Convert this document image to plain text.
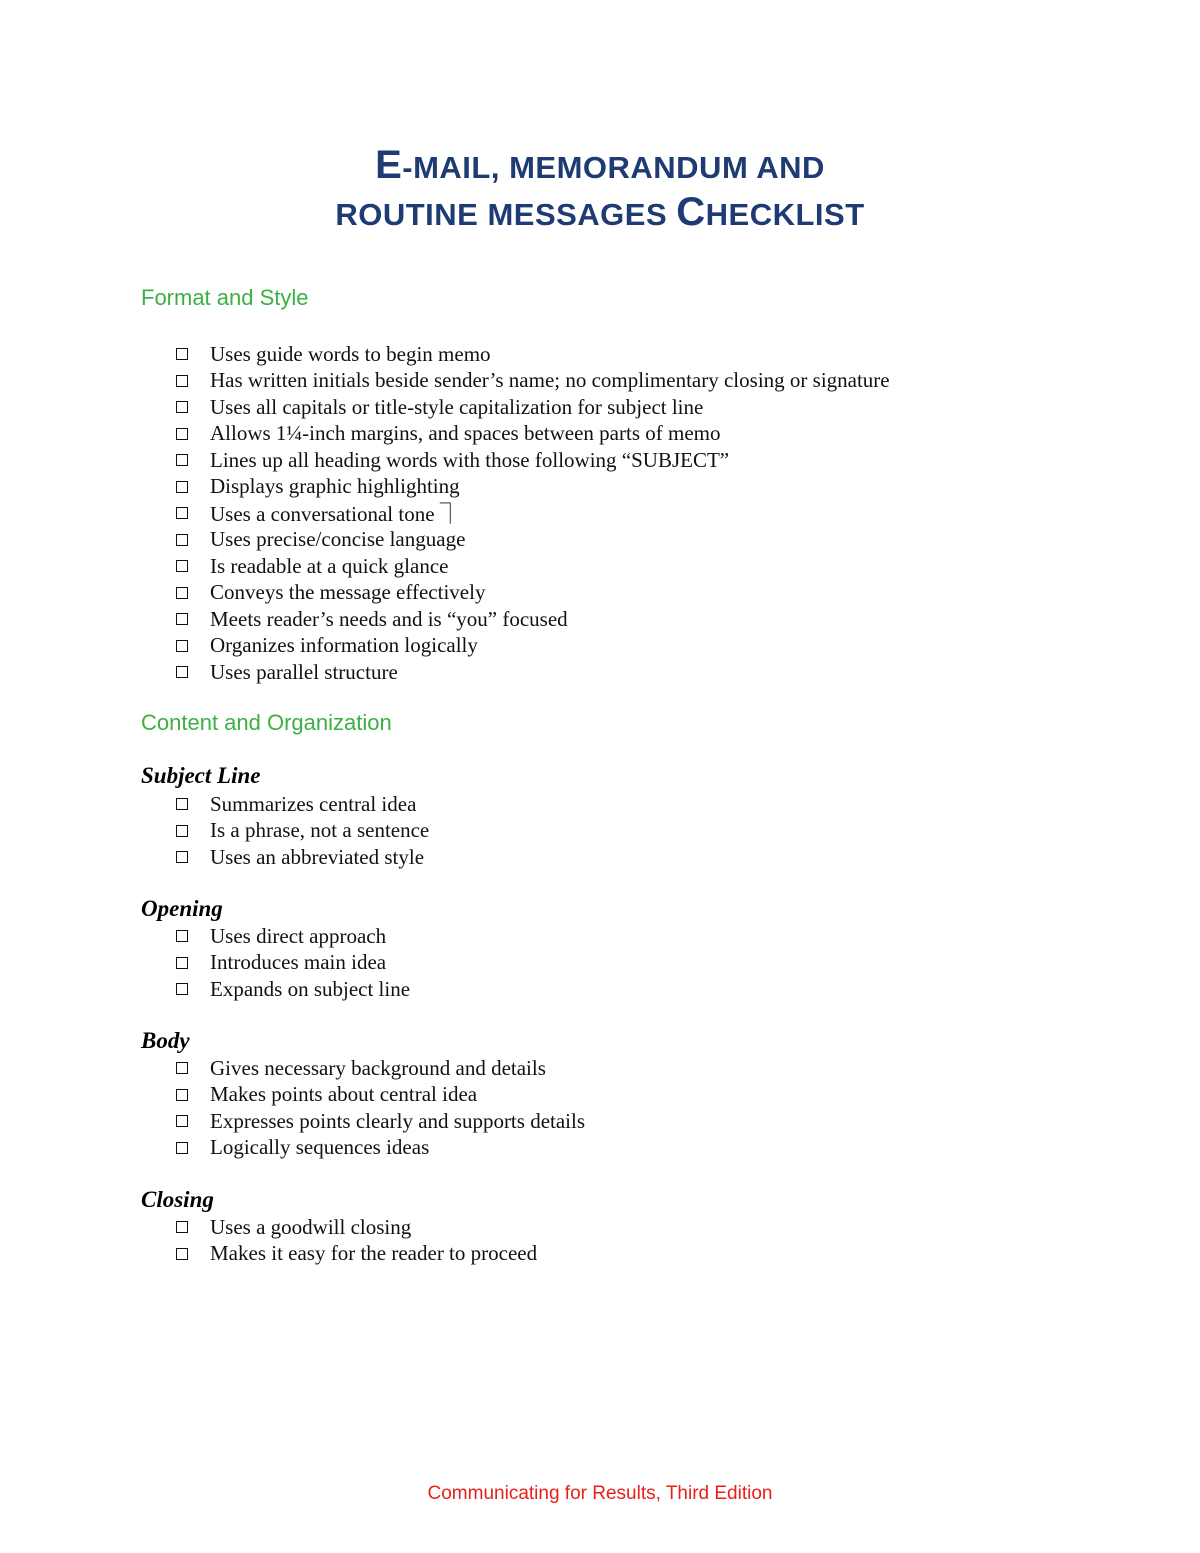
E-MAIL, MEMORANDUM AND
ROUTINE MESSAGES CHECKLIST
Format and Style
Uses guide words to begin memo
Has written initials beside sender’s name; no complimentary closing or signature
Uses all capitals or title-style capitalization for subject line
Allows 1¼-inch margins, and spaces between parts of memo
Lines up all heading words with those following “SUBJECT”
Displays graphic highlighting
Uses a conversational tone ⏋
Uses precise/concise language
Is readable at a quick glance
Conveys the message effectively
Meets reader’s needs and is “you” focused
Organizes information logically
Uses parallel structure
Content and Organization
Subject Line
Summarizes central idea
Is a phrase, not a sentence
Uses an abbreviated style
Opening
Uses direct approach
Introduces main idea
Expands on subject line
Body
Gives necessary background and details
Makes points about central idea
Expresses points clearly and supports details
Logically sequences ideas
Closing
Uses a goodwill closing
Makes it easy for the reader to proceed
Communicating for Results, Third Edition
